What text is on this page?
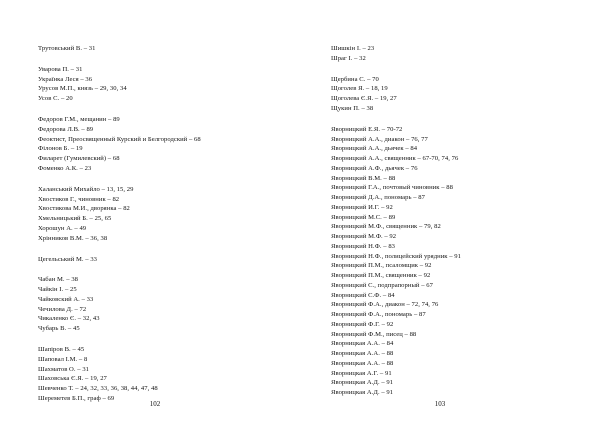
Трутовський В. – 31
Уварова П. – 31
Українка Леся – 36
Урусов М.П., князь – 29, 30, 34
Усов С. – 20
Федоров Г.М., мещанин – 89
Федорова Л.В. – 89
Феоктист, Преосвященный Курский и Белгородский – 68
Філонов Б. – 19
Филарет (Гумилевский) – 68
Фоменко А.К. – 23
Халанський Михайло – 13, 15, 29
Хвостиков Г., чиновник – 82
Хвостикова М.И., дворянка – 82
Хмельницький Б. – 25, 65
Хорошун А. – 49
Хрінников В.М. – 36, 38
Цегельський М. – 33
Чабан М. – 38
Чайкін І. – 25
Чайковский А. – 33
Чечилова Д. – 72
Чикаленко Є. – 32, 43
Чубарь В. – 45
Шапіров В. – 45
Шаповал І.М. – 8
Шахматов О. – 31
Шаховська Є.Я. – 19, 27
Шевченко Т. – 24, 32, 33, 36, 38, 44, 47, 48
Шереметев Б.П., граф – 69
102
Шишкін І. – 23
Шраг І. – 32
Щербина С. – 70
Щоголев Я. – 18, 19
Щоголева Є.Я. – 19, 27
Щукин П. – 38
Яворницкий Е.Я. – 70-72
Яворницкий А.А., диакон – 76, 77
Яворницкий А.А., дьячек – 84
Яворницкий А.А., священник – 67-70, 74, 76
Яворницкий А.Ф., дьячек – 76
Яворницкий В.М. – 88
Яворницкий Г.А., почтовый чиновник – 88
Яворницкий Д.А., пономарь – 87
Яворницкий И.Г. – 92
Яворницкий М.С. – 89
Яворницкий М.Ф., священник – 79, 82
Яворницкий М.Ф. – 92
Яворницкий Н.Ф. – 83
Яворницкий Н.Ф., полицейский урядник – 91
Яворницкий П.М., псаломщик – 92
Яворницкий П.М., священник – 92
Яворницкий С., подпрапорный – 67
Яворницкий С.Ф. – 84
Яворницкий Ф.А., диакон – 72, 74, 76
Яворницкий Ф.А., пономарь – 87
Яворницкий Ф.Г. – 92
Яворницкий Ф.М., писец – 88
Яворницкая А.А. – 84
Яворницкая А.А. – 88
Яворницкая А.А. – 88
Яворницкая А.Г. – 91
Яворницкая А.Д. – 91
Яворницкая А.Д. – 91
103
